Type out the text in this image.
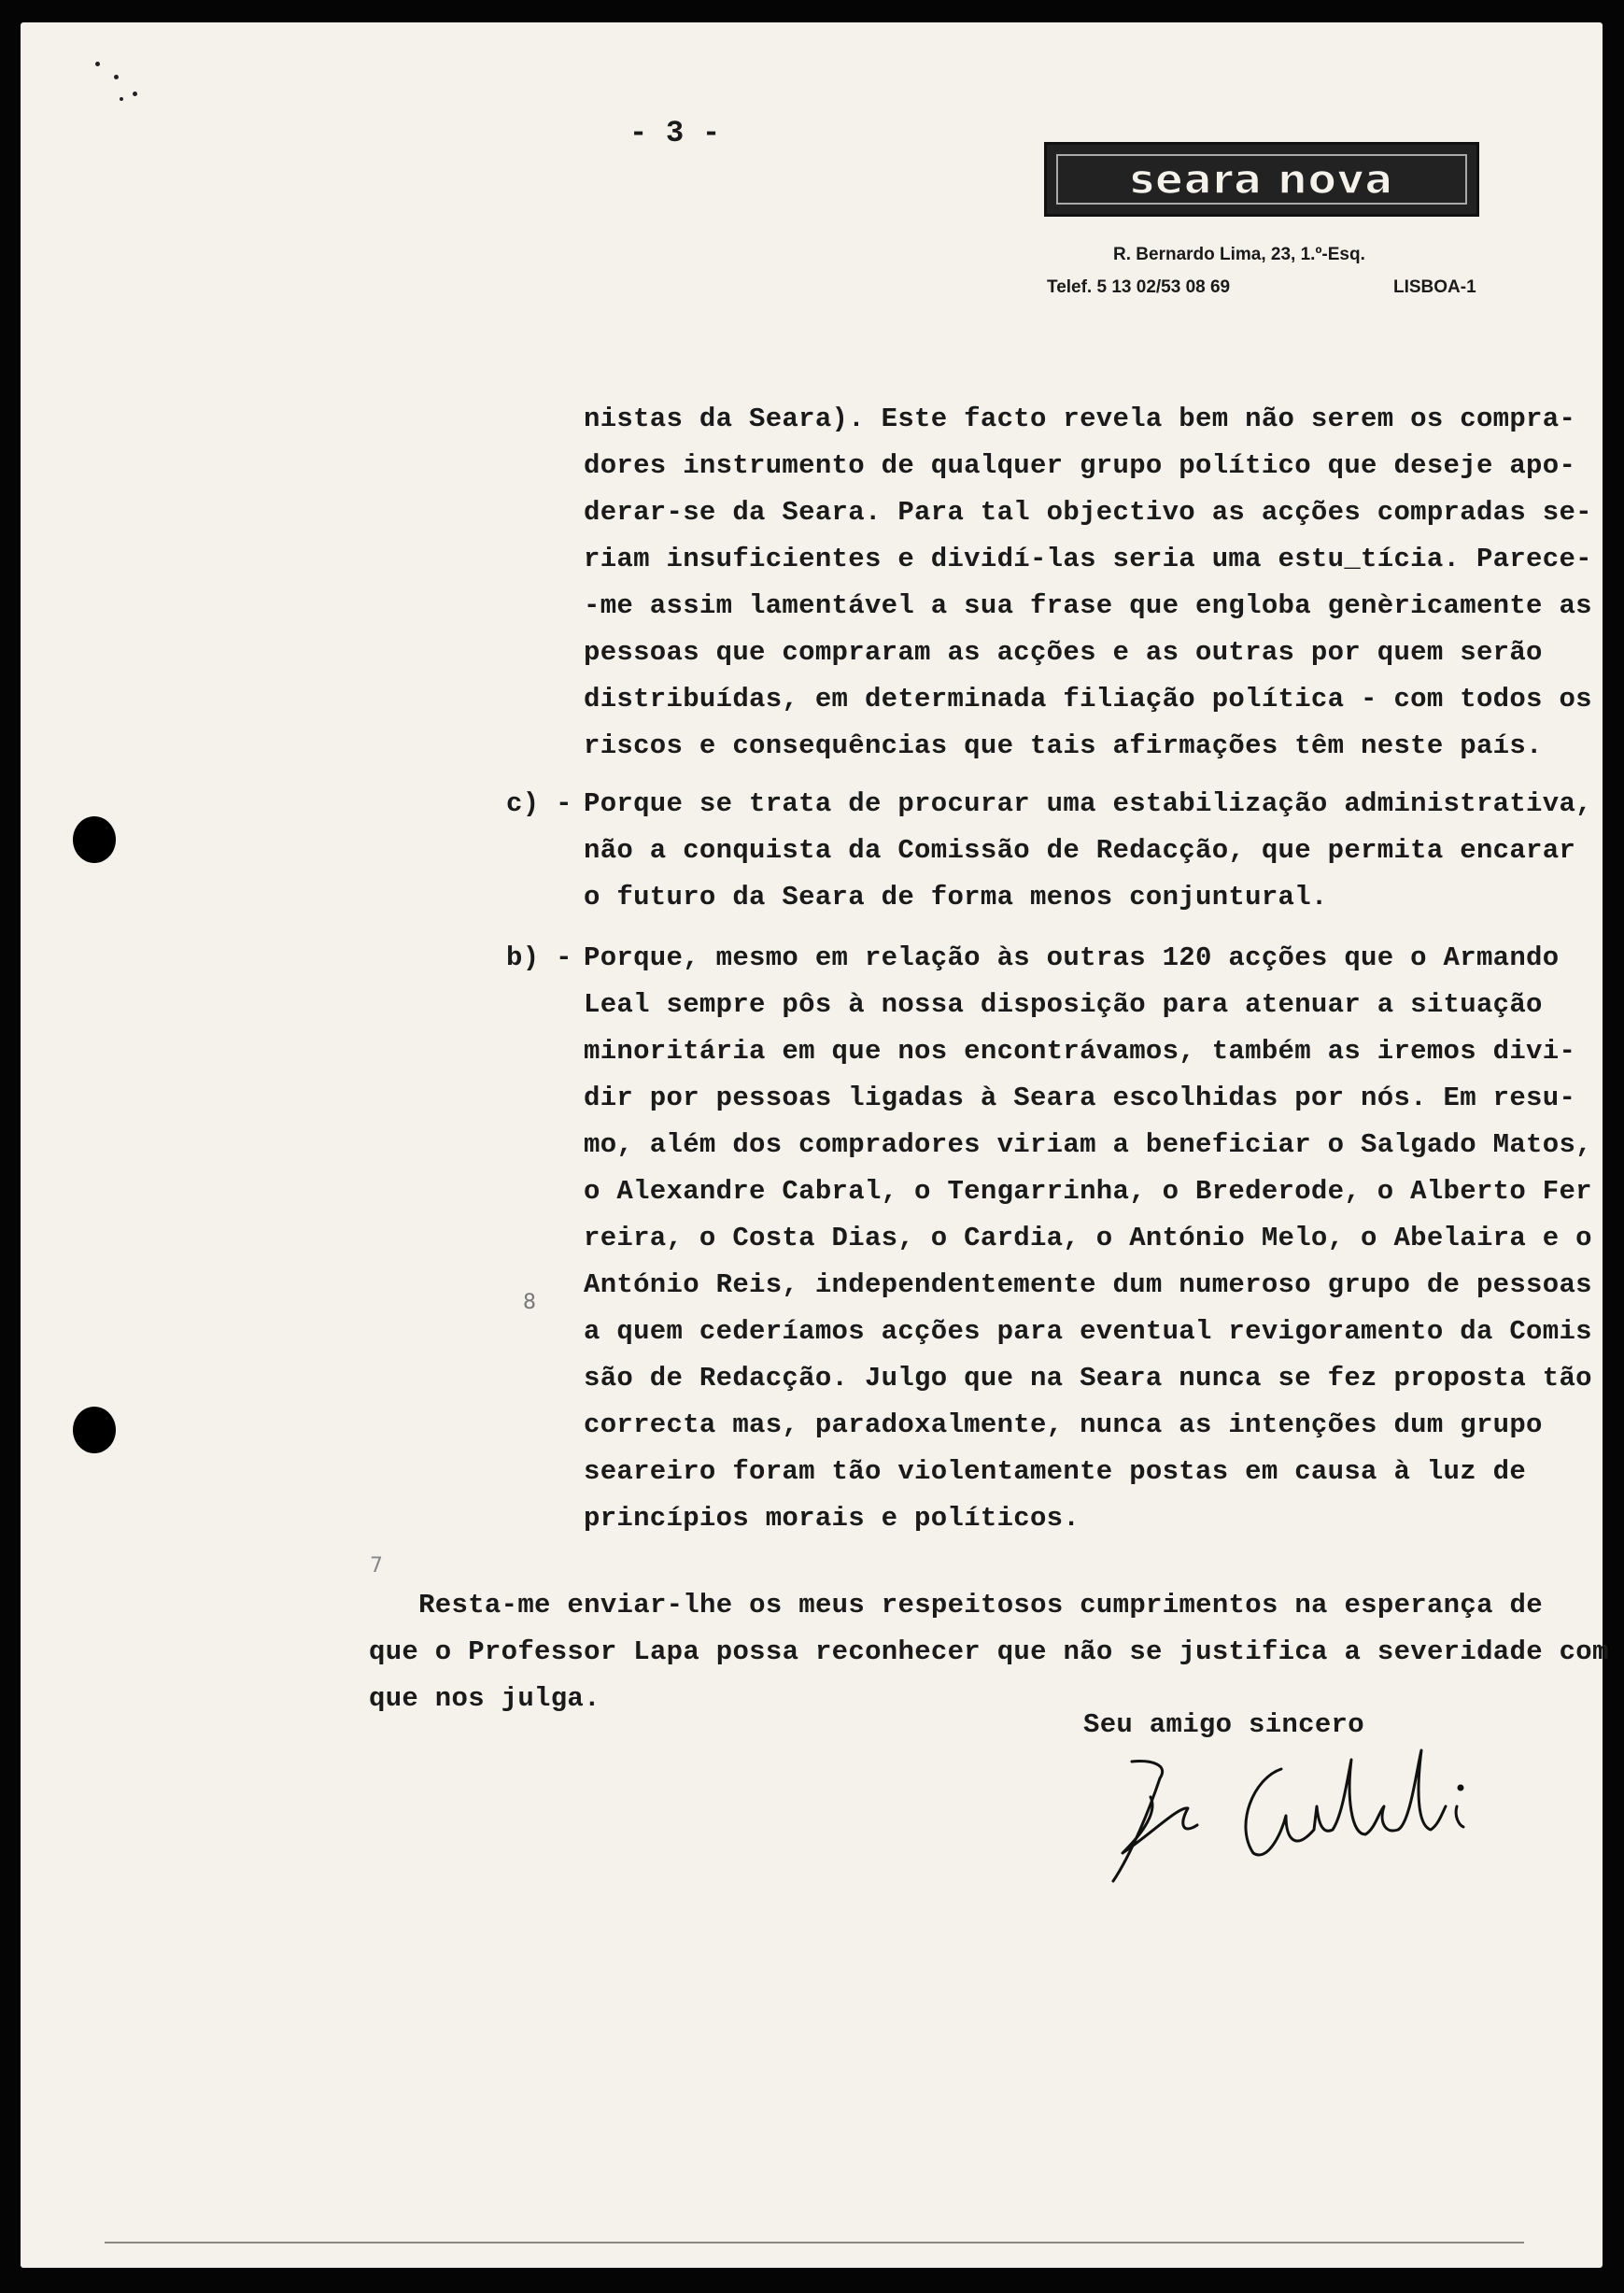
- 3 -
seara nova
R. Bernardo Lima, 23, 1.º-Esq.
Telef. 5 13 02/53 08 69	LISBOA-1
nistas da Seara). Este facto revela bem não serem os compra-
dores instrumento de qualquer grupo político que deseje apo-
derar-se da Seara. Para tal objectivo as acções compradas se-
riam insuficientes e dividí-las seria uma estu_tícia. Parece-
-me assim lamentável a sua frase que engloba genèricamente as
pessoas que compraram as acções e as outras por quem serão
distribuídas, em determinada filiação política - com todos os
riscos e consequências que tais afirmações têm neste país.
c) - Porque se trata de procurar uma estabilização administrativa,
não a conquista da Comissão de Redacção, que permita encarar
o futuro da Seara de forma menos conjuntural.
b) - Porque, mesmo em relação às outras 120 acções que o Armando
Leal sempre pôs à nossa disposição para atenuar a situação
minoritária em que nos encontrávamos, também as iremos divi-
dir por pessoas ligadas à Seara escolhidas por nós. Em resu-
mo, além dos compradores viriam a beneficiar o Salgado Matos,
o Alexandre Cabral, o Tengarrinha, o Brederode, o Alberto Fer
reira, o Costa Dias, o Cardia, o António Melo, o Abelaira e o
António Reis, independentemente dum numeroso grupo de pessoas
a quem cederíamos acções para eventual revigoramento da Comis
são de Redacção. Julgo que na Seara nunca se fez proposta tão
correcta mas, paradoxalmente, nunca as intenções dum grupo
seareiro foram tão violentamente postas em causa à luz de
princípios morais e políticos.
8
7
Resta-me enviar-lhe os meus respeitosos cumprimentos na esperança de
que o Professor Lapa possa reconhecer que não se justifica a severidade com
que nos julga.
Seu amigo sincero
